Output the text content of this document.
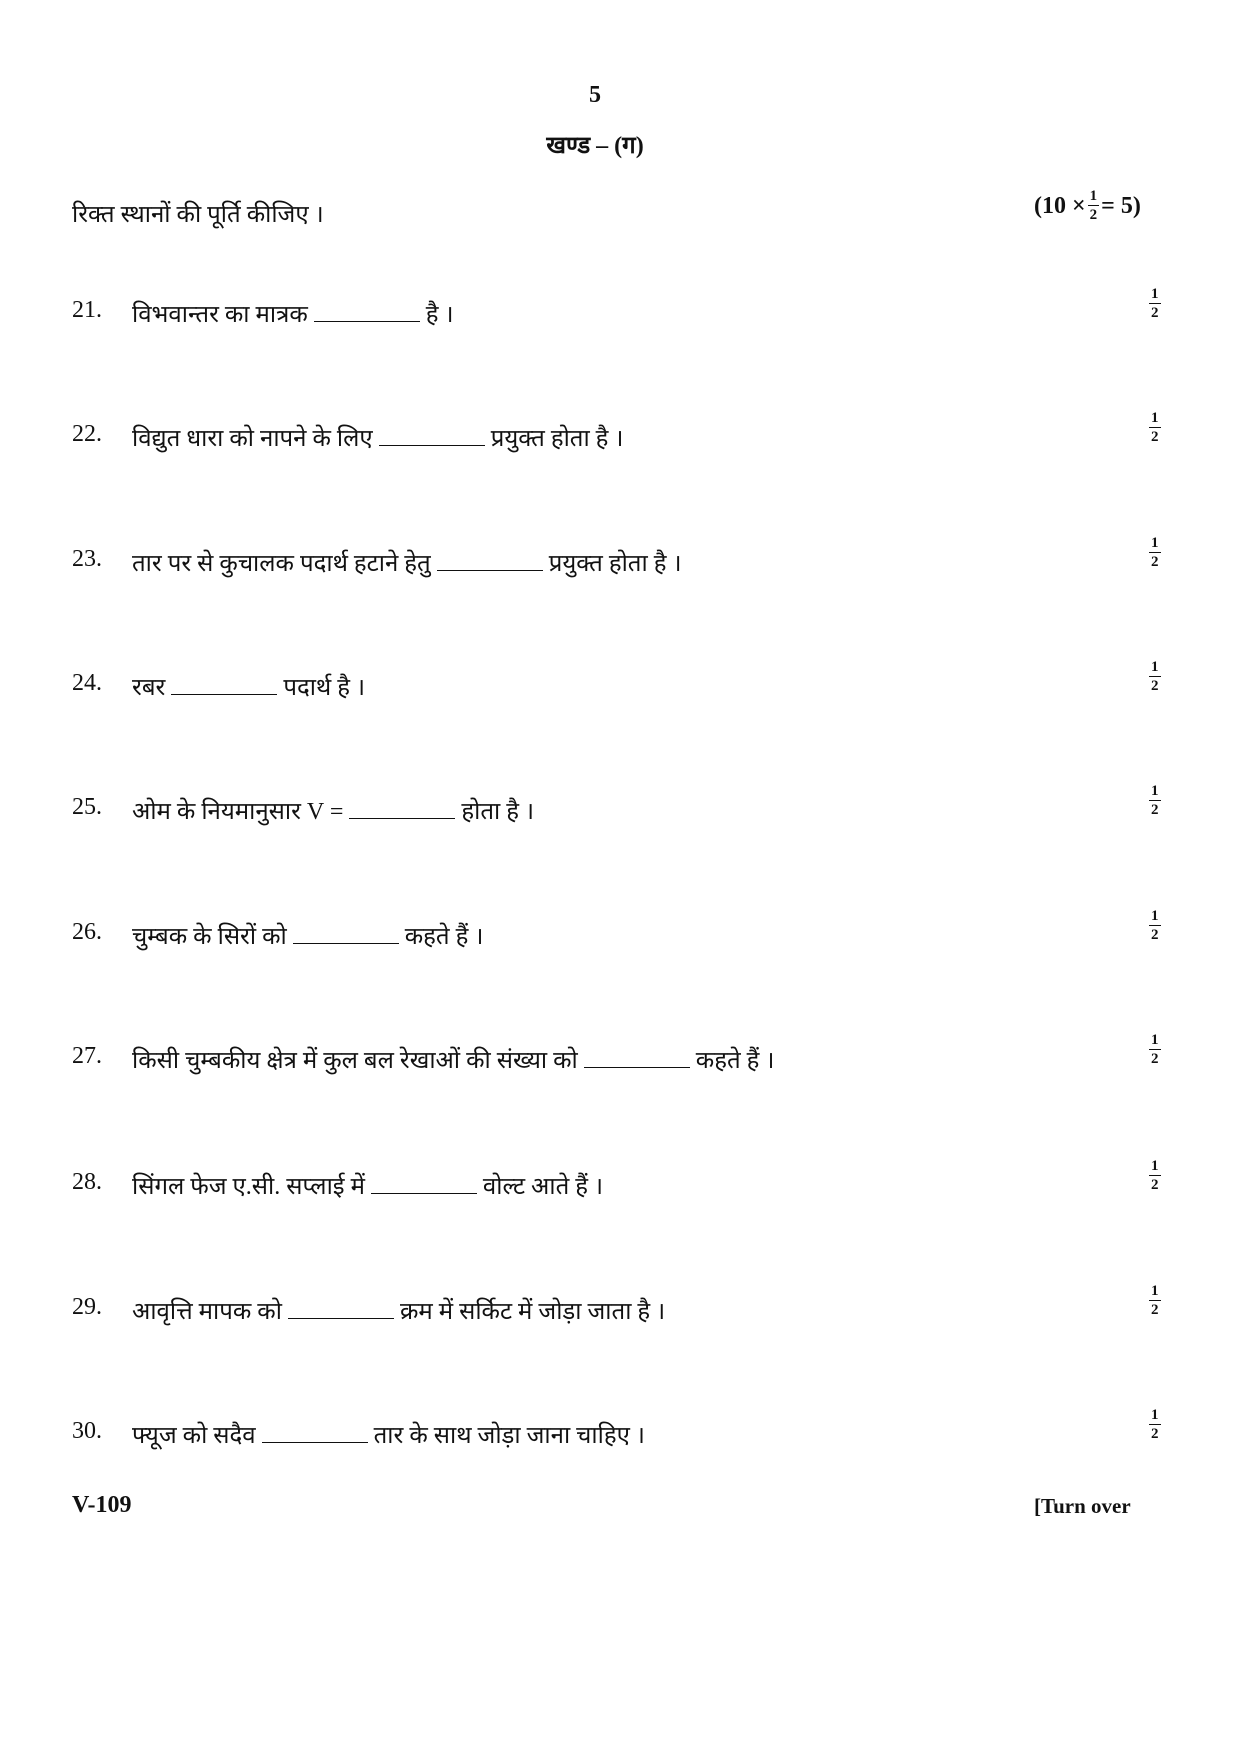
5
खण्ड – (ग)
रिक्त स्थानों की पूर्ति कीजिए ।	$(10 \times \frac{1}{2} = 5)$
21. विभवान्तर का मात्रक	है ।	$\frac{1}{2}$
22. विद्युत धारा को नापने के लिए	प्रयुक्त होता है ।	$\frac{1}{2}$
23. तार पर से कुचालक पदार्थ हटाने हेतु	प्रयुक्त होता है ।	$\frac{1}{2}$
24. रबर	पदार्थ है ।	$\frac{1}{2}$
25. ओम के नियमानुसार V =	होता है ।	$\frac{1}{2}$
26. चुम्बक के सिरों को	कहते हैं ।	$\frac{1}{2}$
27. किसी चुम्बकीय क्षेत्र में कुल बल रेखाओं की संख्या को	कहते हैं ।	$\frac{1}{2}$
28. सिंगल फेज ए.सी. सप्लाई में	वोल्ट आते हैं ।	$\frac{1}{2}$
29. आवृत्ति मापक को	क्रम में सर्किट में जोड़ा जाता है ।	$\frac{1}{2}$
30. फ्यूज को सदैव	तार के साथ जोड़ा जाना चाहिए ।	$\frac{1}{2}$
V-109	[Turn over
